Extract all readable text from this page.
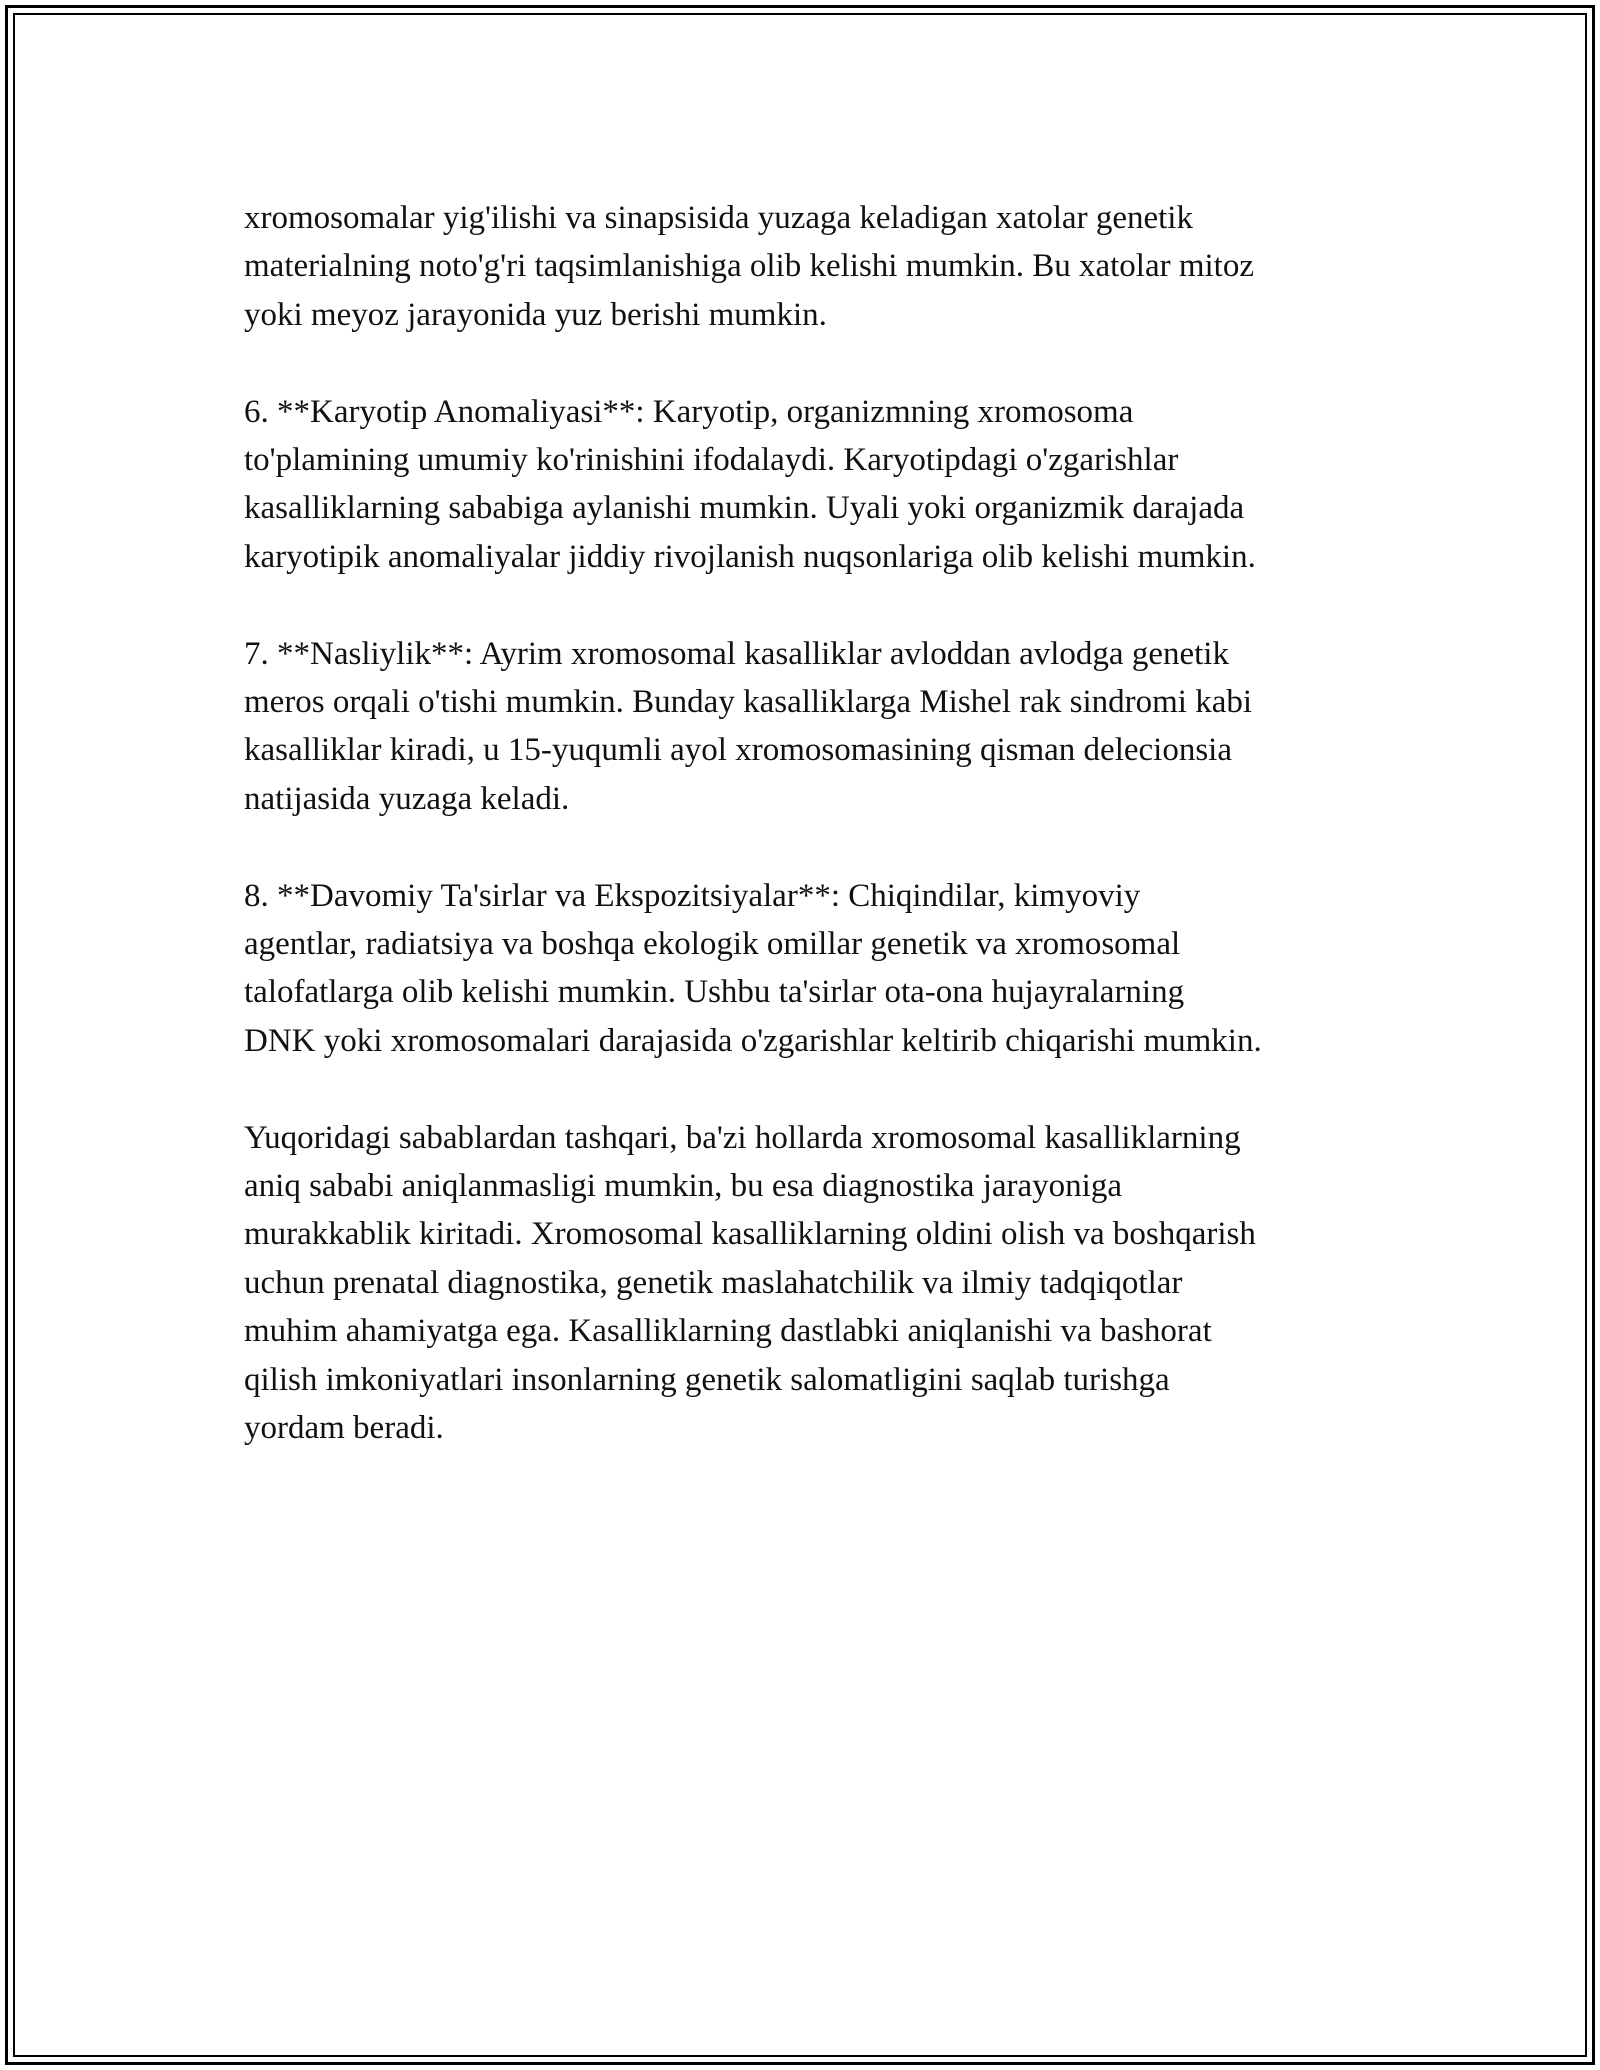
xromosomalar yig'ilishi va sinapsisida yuzaga keladigan xatolar genetik
materialning noto'g'ri taqsimlanishiga olib kelishi mumkin. Bu xatolar mitoz
yoki meyoz jarayonida yuz berishi mumkin.

6. **Karyotip Anomaliyasi**: Karyotip, organizmning xromosoma
to'plamining umumiy ko'rinishini ifodalaydi. Karyotipdagi o'zgarishlar
kasalliklarning sababiga aylanishi mumkin. Uyali yoki organizmik darajada
karyotipik anomaliyalar jiddiy rivojlanish nuqsonlariga olib kelishi mumkin.

7. **Nasliylik**: Ayrim xromosomal kasalliklar avloddan avlodga genetik
meros orqali o'tishi mumkin. Bunday kasalliklarga Mishel rak sindromi kabi
kasalliklar kiradi, u 15-yuqumli ayol xromosomasining qisman delecionsia
natijasida yuzaga keladi.

8. **Davomiy Ta'sirlar va Ekspozitsiyalar**: Chiqindilar, kimyoviy
agentlar, radiatsiya va boshqa ekologik omillar genetik va xromosomal
talofatlarga olib kelishi mumkin. Ushbu ta'sirlar ota-ona hujayralarning
DNK yoki xromosomalari darajasida o'zgarishlar keltirib chiqarishi mumkin.

Yuqoridagi sabablardan tashqari, ba'zi hollarda xromosomal kasalliklarning
aniq sababi aniqlanmasligi mumkin, bu esa diagnostika jarayoniga
murakkablik kiritadi. Xromosomal kasalliklarning oldini olish va boshqarish
uchun prenatal diagnostika, genetik maslahatchilik va ilmiy tadqiqotlar
muhim ahamiyatga ega. Kasalliklarning dastlabki aniqlanishi va bashorat
qilish imkoniyatlari insonlarning genetik salomatligini saqlab turishga
yordam beradi.
